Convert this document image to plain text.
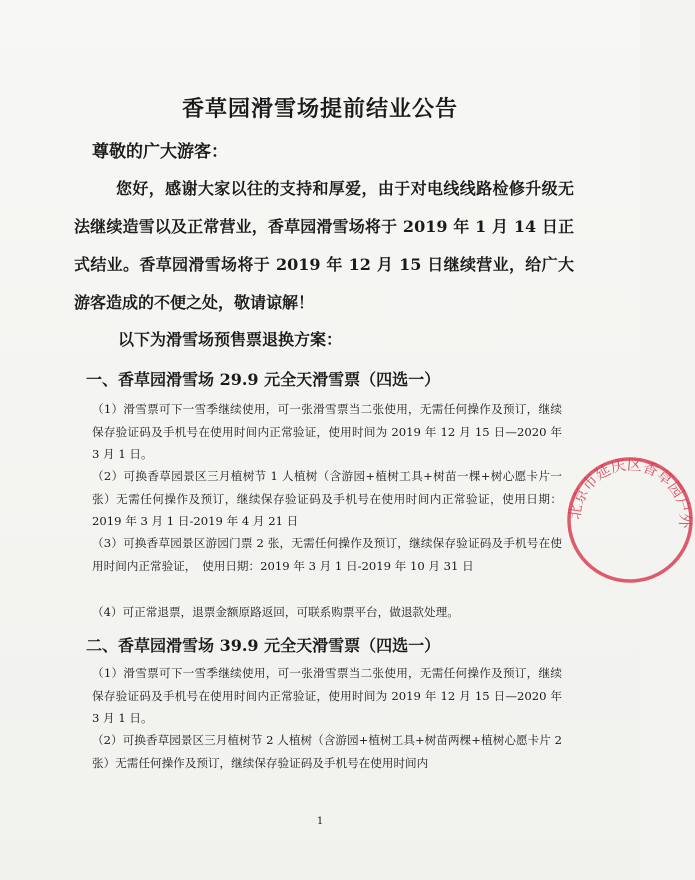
香草园滑雪场提前结业公告
尊敬的广大游客：

您好，感谢大家以往的支持和厚爱，由于对电线线路检修升级无法继续造雪以及正常营业，香草园滑雪场将于 2019 年 1 月 14 日正式结业。香草园滑雪场将于 2019 年 12 月 15 日继续营业，给广大游客造成的不便之处，敬请谅解！

以下为滑雪场预售票退换方案：
一、香草园滑雪场 29.9 元全天滑雪票（四选一）

（1）滑雪票可下一雪季继续使用，可一张滑雪票当二张使用，无需任何操作及预订，继续保存验证码及手机号在使用时间内正常验证，使用时间为 2019 年 12 月 15 日—2020 年 3 月 1 日。

（2）可换香草园景区三月植树节 1 人植树（含游园+植树工具+树苗一棵+树心愿卡片一张）无需任何操作及预订，继续保存验证码及手机号在使用时间内正常验证，使用日期：2019 年 3 月 1 日-2019 年 4 月 21 日

（3）可换香草园景区游园门票 2 张，无需任何操作及预订，继续保存验证码及手机号在使用时间内正常验证，　使用日期：2019 年 3 月 1 日-2019 年 10 月 31 日

（4）可正常退票，退票金额原路返回，可联系购票平台，做退款处理。

二、香草园滑雪场 39.9 元全天滑雪票（四选一）

（1）滑雪票可下一雪季继续使用，可一张滑雪票当二张使用，无需任何操作及预订，继续保存验证码及手机号在使用时间内正常验证，使用时间为 2019 年 12 月 15 日—2020 年 3 月 1 日。

（2）可换香草园景区三月植树节 2 人植树（含游园+植树工具+树苗两棵+植树心愿卡片 2 张）无需任何操作及预订，继续保存验证码及手机号在使用时间内

1
北京市延庆区香草园户外
